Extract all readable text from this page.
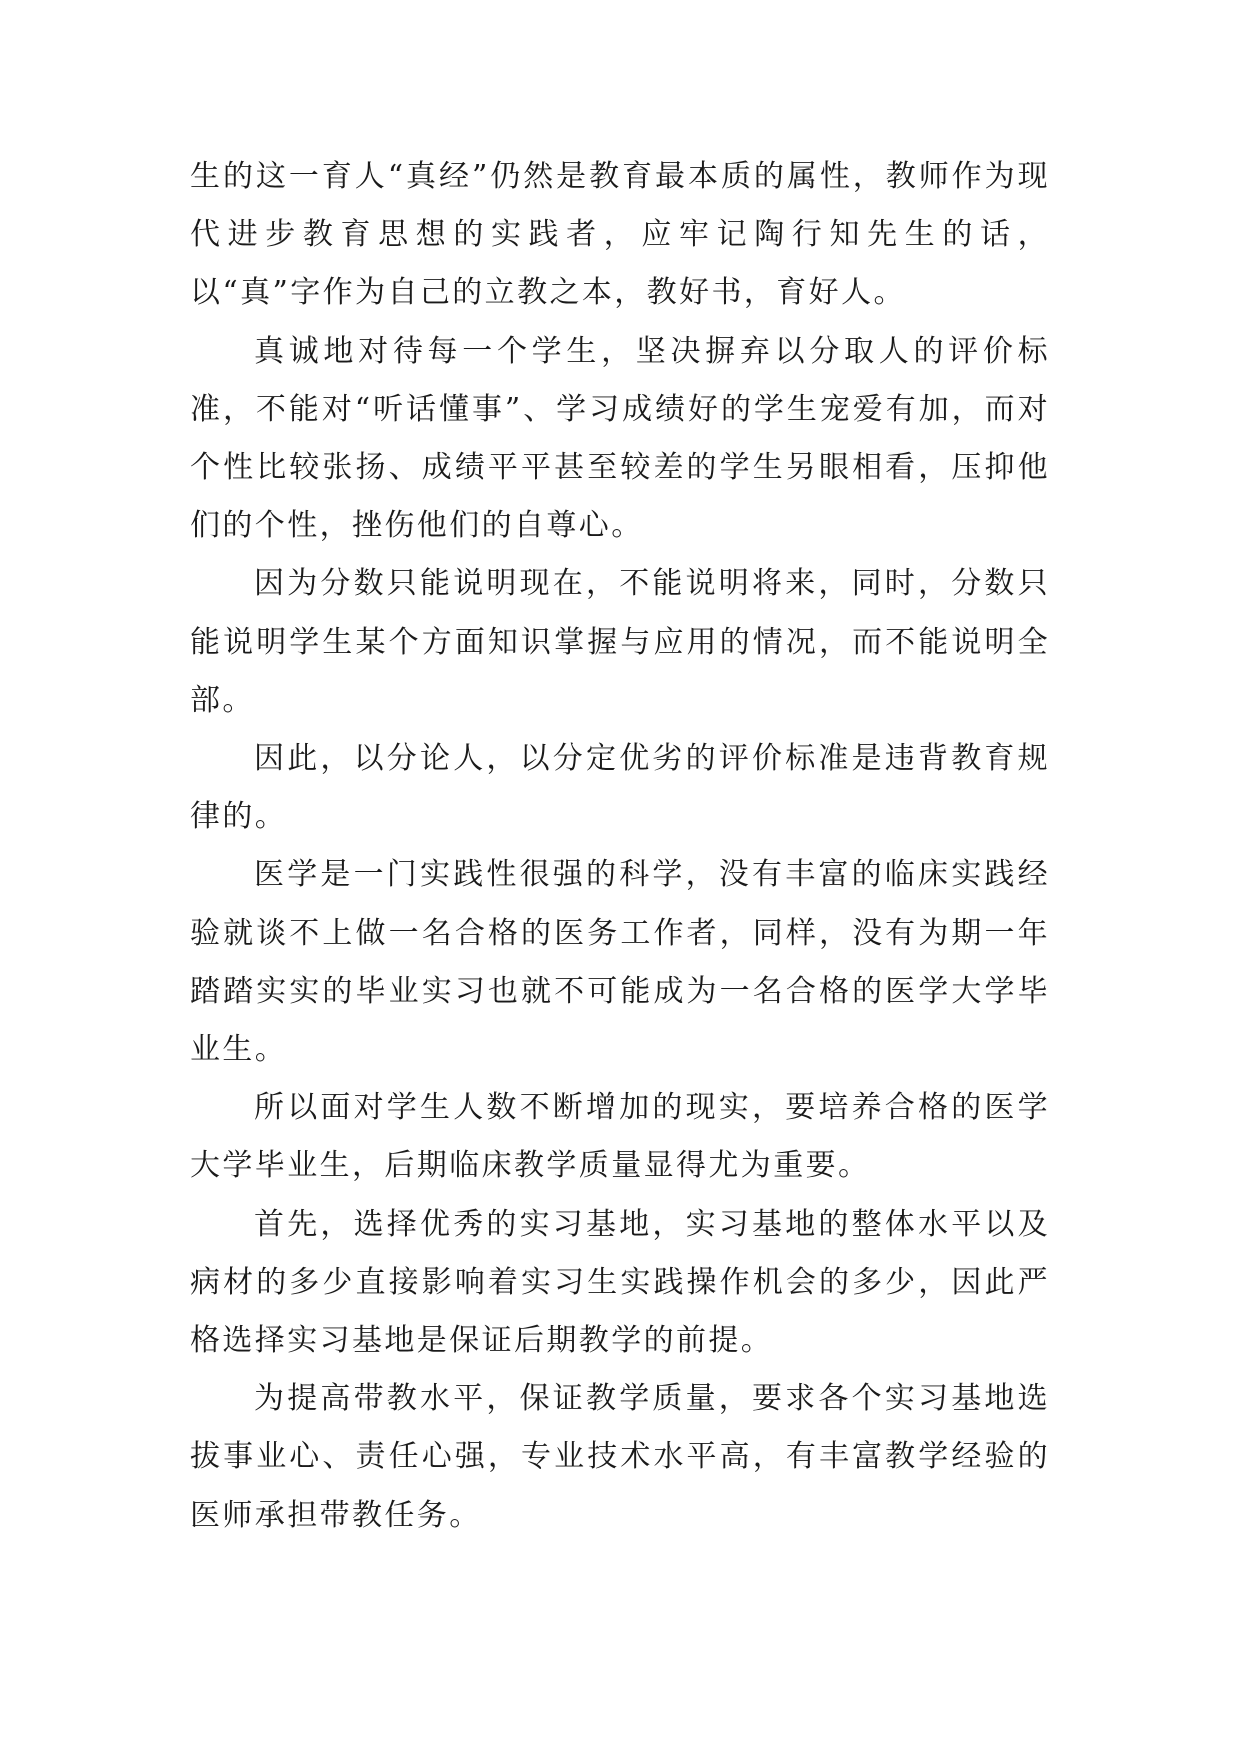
生的这一育人“真经”仍然是教育最本质的属性，教师作为现代进步教育思想的实践者，应牢记陶行知先生的话，以“真”字作为自己的立教之本，教好书，育好人。

真诚地对待每一个学生，坚决摒弃以分取人的评价标准，不能对“听话懂事”、学习成绩好的学生宠爱有加，而对个性比较张扬、成绩平平甚至较差的学生另眼相看，压抑他们的个性，挫伤他们的自尊心。

因为分数只能说明现在，不能说明将来，同时，分数只能说明学生某个方面知识掌握与应用的情况，而不能说明全部。

因此，以分论人，以分定优劣的评价标准是违背教育规律的。

医学是一门实践性很强的科学，没有丰富的临床实践经验就谈不上做一名合格的医务工作者，同样，没有为期一年踏踏实实的毕业实习也就不可能成为一名合格的医学大学毕业生。

所以面对学生人数不断增加的现实，要培养合格的医学大学毕业生，后期临床教学质量显得尤为重要。

首先，选择优秀的实习基地，实习基地的整体水平以及病材的多少直接影响着实习生实践操作机会的多少，因此严格选择实习基地是保证后期教学的前提。

为提高带教水平，保证教学质量，要求各个实习基地选拔事业心、责任心强，专业技术水平高，有丰富教学经验的医师承担带教任务。
